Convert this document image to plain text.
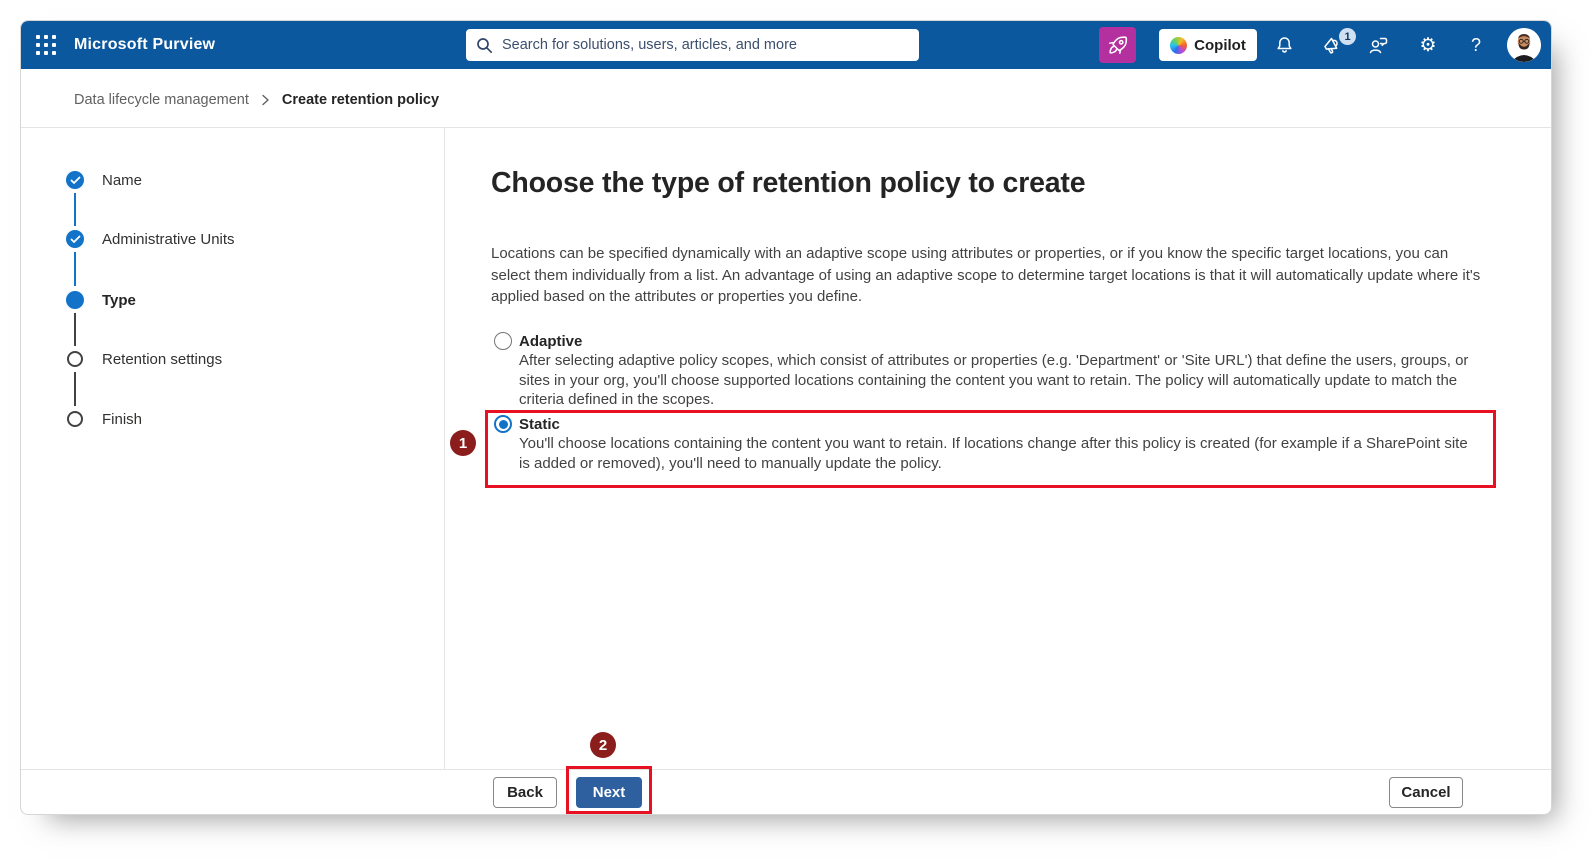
Microsoft Purview
Search for solutions, users, articles, and more	Copilot	1	⚙ ?
Data lifecycle management Create retention policy
Name
Administrative Units
Type
Retention settings
Finish
Choose the type of retention policy to create

Locations can be specified dynamically with an adaptive scope using attributes or properties, or if you know the specific target locations, you can select them individually from a list. An advantage of using an adaptive scope to determine target locations is that it will automatically update where it's applied based on the attributes or properties you define.

Adaptive

After selecting adaptive policy scopes, which consist of attributes or properties (e.g. 'Department' or 'Site URL') that define the users, groups, or sites in your org, you'll choose supported locations containing the content you want to retain. The policy will automatically update to match the criteria defined in the scopes.

1
Static

You'll choose locations containing the content you want to retain. If locations change after this policy is created (for example if a SharePoint site is added or removed), you'll need to manually update the policy.

2
Back	Next	Cancel
